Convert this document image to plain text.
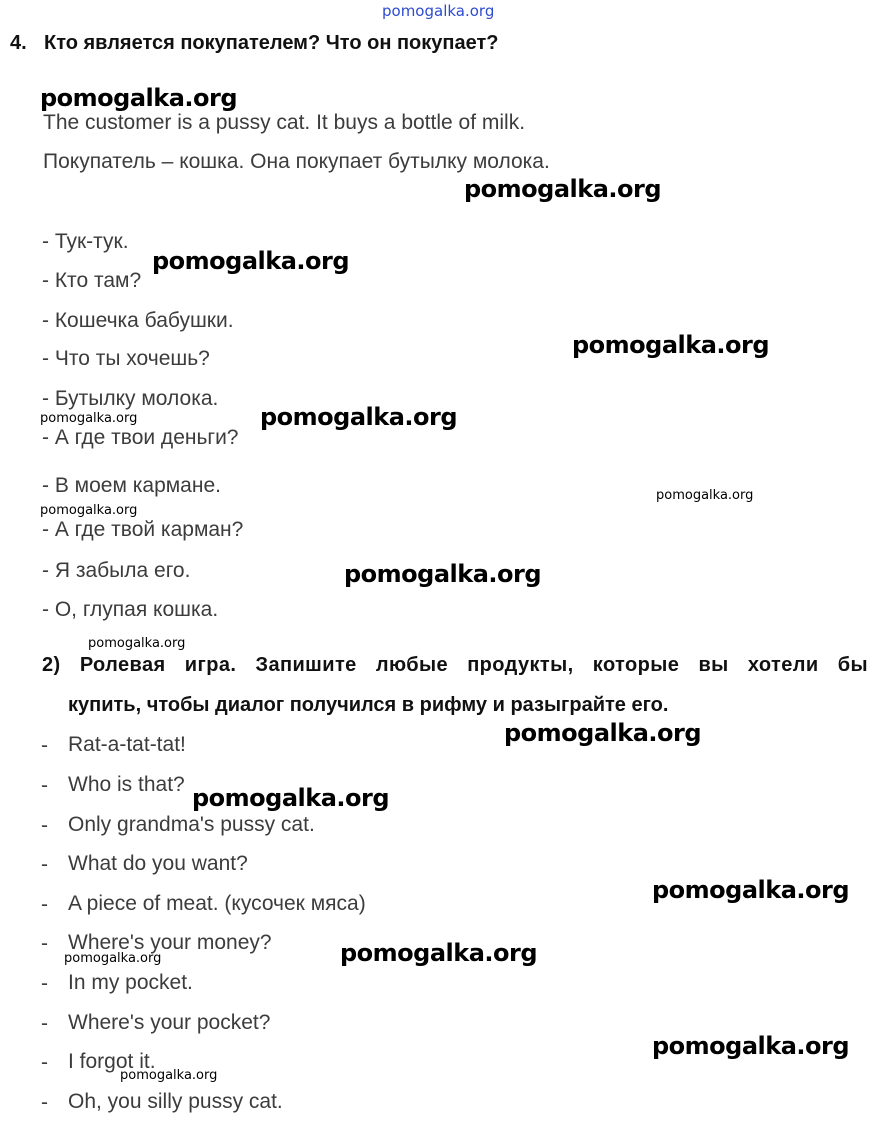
pomogalka.org
4. Кто является покупателем? Что он покупает?
The customer is a pussy cat. It buys a bottle of milk.
Покупатель – кошка. Она покупает бутылку молока.
- Тук-тук.
- Кто там?
- Кошечка бабушки.
- Что ты хочешь?
- Бутылку молока.
- А где твои деньги?
- В моем кармане.
- А где твой карман?
- Я забыла его.
- О, глупая кошка.
2) Ролевая игра. Запишите любые продукты, которые вы хотели бы
купить, чтобы диалог получился в рифму и разыграйте его.
- Rat-a-tat-tat!
- Who is that?
- Only grandma's pussy cat.
- What do you want?
- A piece of meat. (кусочек мяса)
- Where's your money?
- In my pocket.
- Where's your pocket?
- I forgot it.
- Oh, you silly pussy cat.
pomogalka.org
pomogalka.org
pomogalka.org
pomogalka.org
pomogalka.org	pomogalka.org
pomogalka.org
pomogalka.org
pomogalka.org
pomogalka.org
pomogalka.org
pomogalka.org
pomogalka.org
pomogalka.org
pomogalka.org
pomogalka.org
pomogalka.org
